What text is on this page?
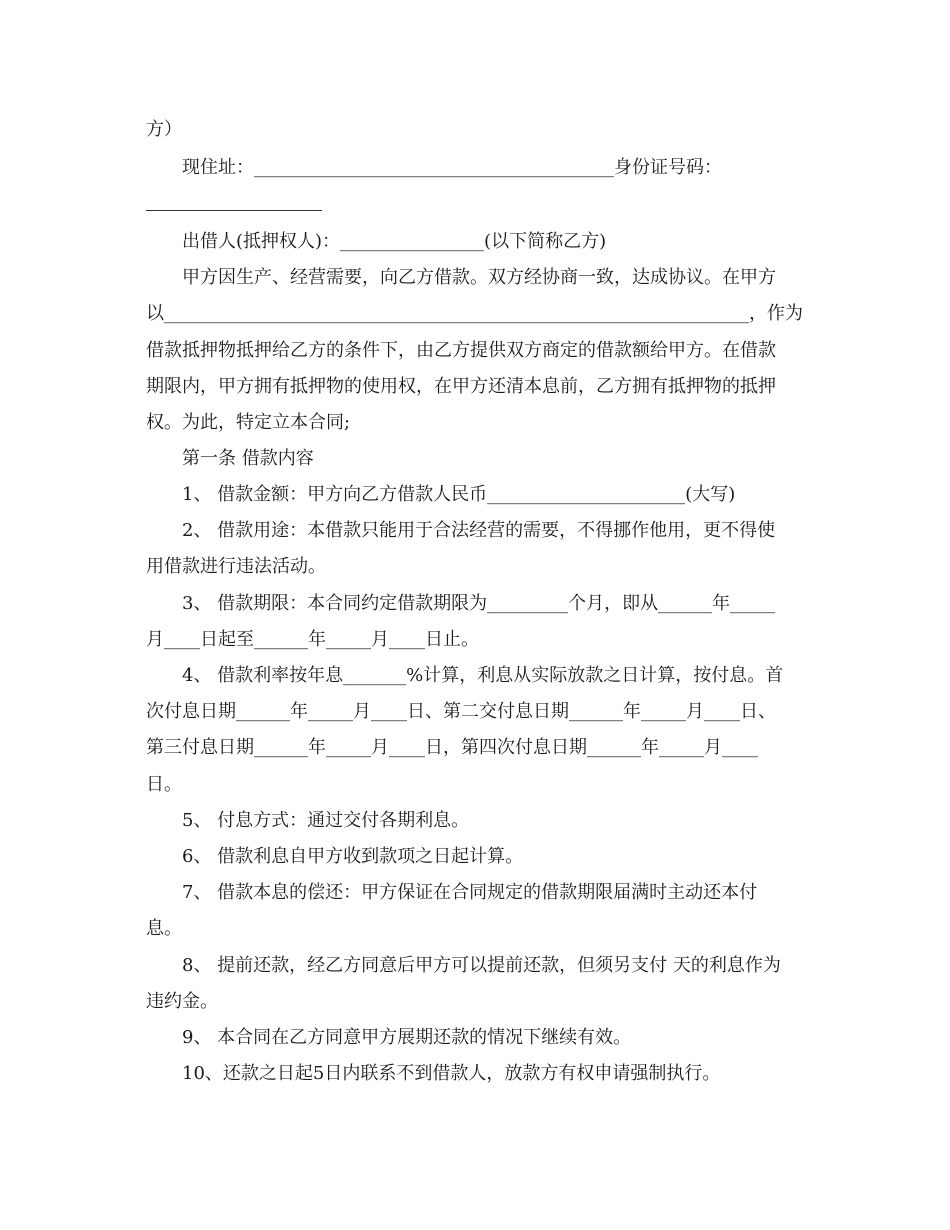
方）

现住址：________________________________________身份证号码：

出借人(抵押权人)：________________(以下简称乙方)

甲方因生产、经营需要，向乙方借款。双方经协商一致，达成协议。在甲方

以_________________________________________________________________，作为

借款抵押物抵押给乙方的条件下，由乙方提供双方商定的借款额给甲方。在借款

期限内，甲方拥有抵押物的使用权，在甲方还清本息前，乙方拥有抵押物的抵押

权。为此，特定立本合同;

第一条 借款内容

1、 借款金额：甲方向乙方借款人民币______________________(大写)

2、 借款用途：本借款只能用于合法经营的需要，不得挪作他用，更不得使

用借款进行违法活动。

3、 借款期限：本合同约定借款期限为_________个月，即从______年_____

月____日起至______年_____月____日止。

4、 借款利率按年息_______%计算，利息从实际放款之日计算，按付息。首

次付息日期______年_____月____日、第二交付息日期______年_____月____日、

第三付息日期______年_____月____日，第四次付息日期______年_____月____

日。

5、 付息方式：通过交付各期利息。

6、 借款利息自甲方收到款项之日起计算。

7、 借款本息的偿还：甲方保证在合同规定的借款期限届满时主动还本付

息。

8、 提前还款，经乙方同意后甲方可以提前还款，但须另支付 天的利息作为

违约金。

9、 本合同在乙方同意甲方展期还款的情况下继续有效。

10、还款之日起5日内联系不到借款人，放款方有权申请强制执行。
